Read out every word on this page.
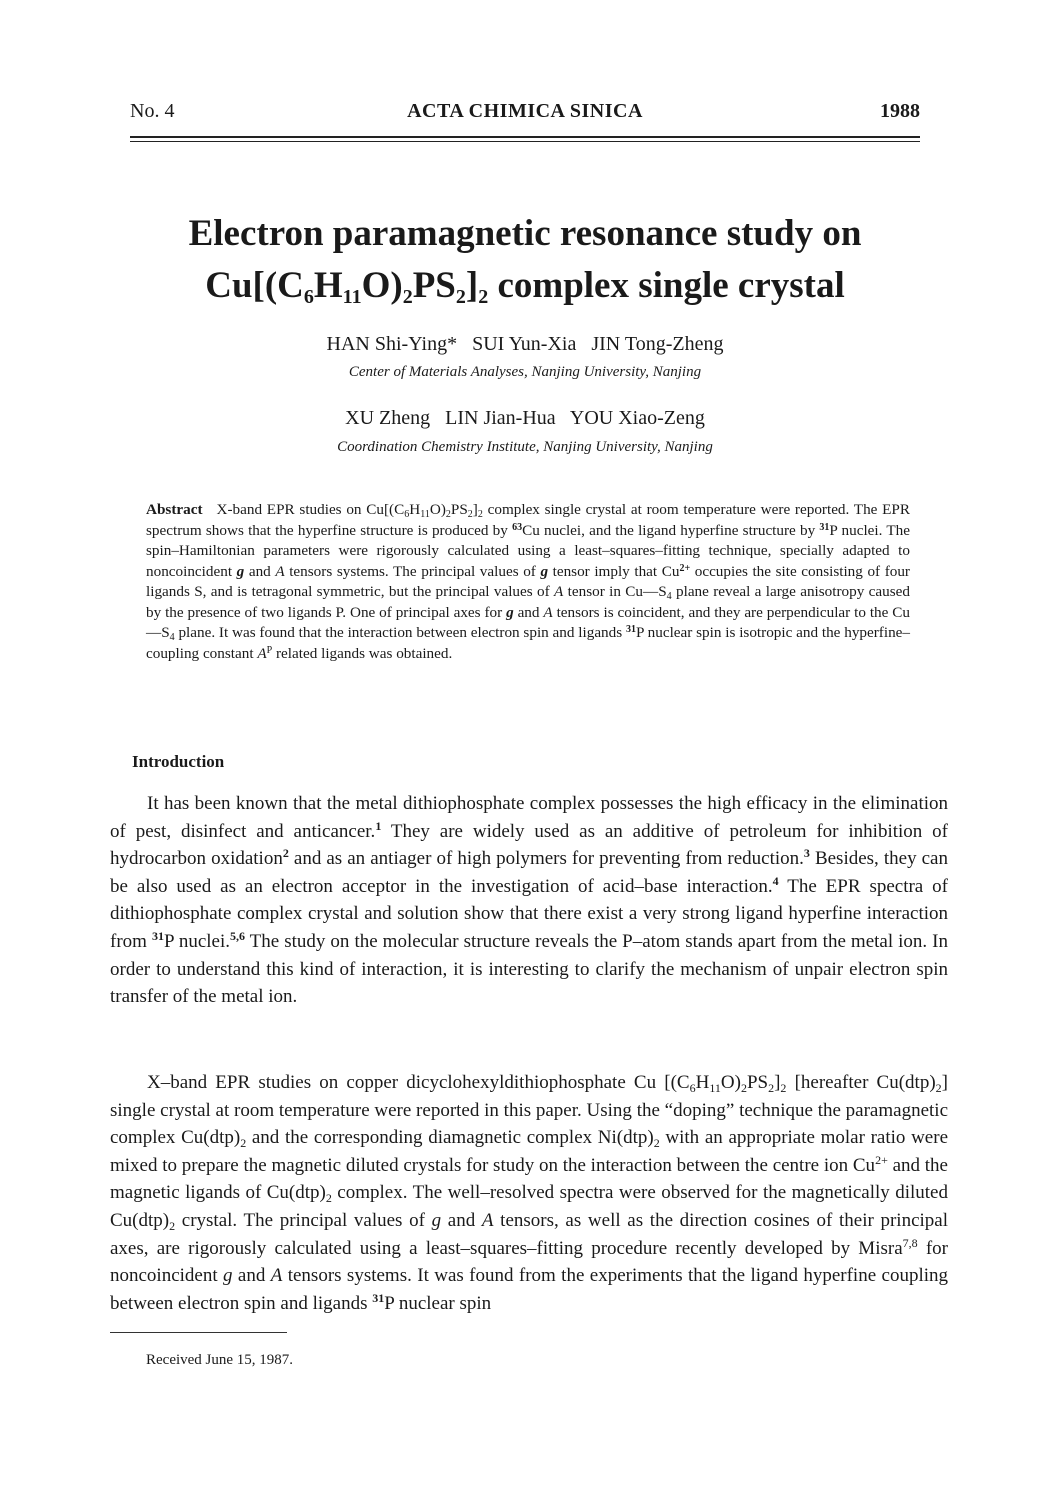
No. 4	ACTA CHIMICA SINICA	1988
Electron paramagnetic resonance study on
$Cu[(C_6H_{11}O)_2PS_2]_2$ complex single crystal
HAN Shi-Ying*   SUI Yun-Xia   JIN Tong-Zheng
Center of Materials Analyses, Nanjing University, Nanjing
XU Zheng   LIN Jian-Hua   YOU Xiao-Zeng
Coordination Chemistry Institute, Nanjing University, Nanjing
Abstract X-band EPR studies on $Cu[(C_6H_{11}O)_2PS_2]_2$ complex single crystal at room temperature were reported. The EPR spectrum shows that the hyperfine structure is produced by $^{63}$Cu nuclei, and the ligand hyperfine structure by $^{31}$P nuclei. The spin–Hamiltonian parameters were rigorously calculated using a least–squares–fitting technique, specially adapted to noncoincident g and A tensors systems. The principal values of g tensor imply that $Cu^{2+}$ occupies the site consisting of four ligands S, and is tetragonal symmetric, but the principal values of A tensor in $Cu—S_4$ plane reveal a large anisotropy caused by the presence of two ligands P. One of principal axes for g and A tensors is coincident, and they are perpendicular to the $Cu—S_4$ plane. It was found that the interaction between electron spin and ligands $^{31}$P nuclear spin is isotropic and the hyperfine–coupling constant $A^P$ related ligands was obtained.
Introduction

It has been known that the metal dithiophosphate complex possesses the high efficacy in the elimination of pest, disinfect and anticancer.$^1$ They are widely used as an additive of petroleum for inhibition of hydrocarbon oxidation$^2$ and as an antiager of high polymers for preventing from reduction.$^3$ Besides, they can be also used as an electron acceptor in the investigation of acid–base interaction.$^4$ The EPR spectra of dithiophosphate complex crystal and solution show that there exist a very strong ligand hyperfine interaction from $^{31}$P nuclei.$^{5,6}$ The study on the molecular structure reveals the P–atom stands apart from the metal ion. In order to understand this kind of interaction, it is interesting to clarify the mechanism of unpair electron spin transfer of the metal ion.

X–band EPR studies on copper dicyclohexyldithiophosphate Cu $[(C_6H_{11}O)_2PS_2]_2$ [hereafter $Cu(dtp)_2$] single crystal at room temperature were reported in this paper. Using the “doping” technique the paramagnetic complex $Cu(dtp)_2$ and the corresponding diamagnetic complex $Ni(dtp)_2$ with an appropriate molar ratio were mixed to prepare the magnetic diluted crystals for study on the interaction between the centre ion $Cu^{2+}$ and the magnetic ligands of $Cu(dtp)_2$ complex. The well–resolved spectra were observed for the magnetically diluted $Cu(dtp)_2$ crystal. The principal values of g and A tensors, as well as the direction cosines of their principal axes, are rigorously calculated using a least–squares–fitting procedure recently developed by Misra$^{7,8}$ for noncoincident g and A tensors systems. It was found from the experiments that the ligand hyperfine coupling between electron spin and ligands $^{31}$P nuclear spin

Received June 15, 1987.
